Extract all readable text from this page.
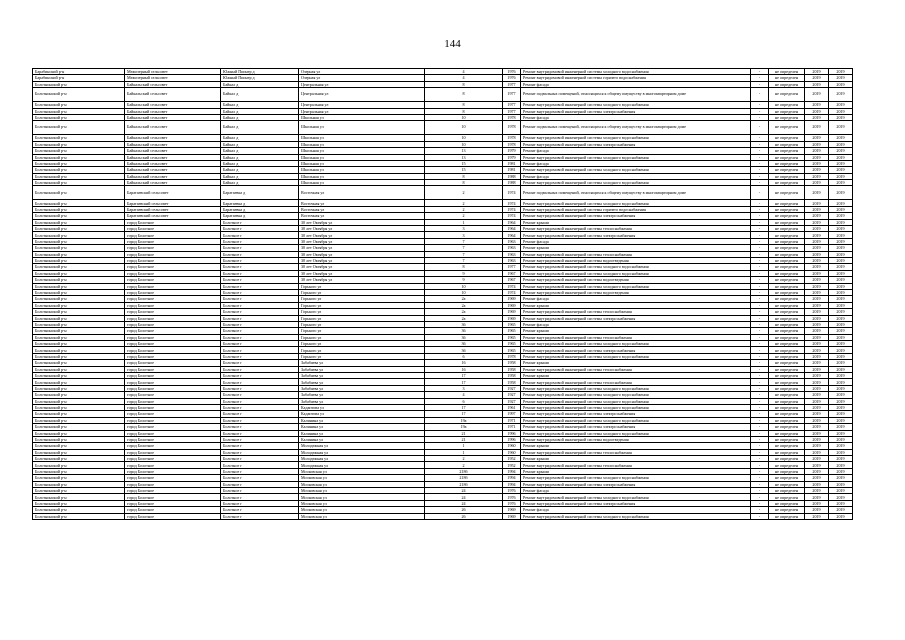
144
Барабинский р-н	Межозерный сельсовет	Южный Пионер д	Озерная ул	4	1976	Ремонт внутридомовой инженерной системы холодного водоснабжения	-	не определен	2019	2019
Барабинский р-н	Межозерный сельсовет	Южный Пионер д	Озерная ул	4	1976	Ремонт внутридомовой инженерной системы горячего водоснабжения	-	не определен	2019	2019
Болотнинский р-н	Байкальский сельсовет	Байкал д	Центральная ул	8	1977	Ремонт фасада	-	не определен	2019	2019
Болотнинский р-н	Байкальский сельсовет	Байкал д	Центральная ул	8	1977	Ремонт подвальных помещений, относящихся к общему имуществу в многоквартирном доме	-	не определен	2019	2019
Болотнинский р-н	Байкальский сельсовет	Байкал д	Центральная ул	8	1977	Ремонт внутридомовой инженерной системы холодного водоснабжения	-	не определен	2019	2019
Болотнинский р-н	Байкальский сельсовет	Байкал д	Центральная ул	8	1977	Ремонт внутридомовой инженерной системы электроснабжения	-	не определен	2019	2019
Болотнинский р-н	Байкальский сельсовет	Байкал д	Школьная ул	10	1978	Ремонт фасада	-	не определен	2019	2019
Болотнинский р-н	Байкальский сельсовет	Байкал д	Школьная ул	10	1978	Ремонт подвальных помещений, относящихся к общему имуществу в многоквартирном доме	-	не определен	2019	2019
Болотнинский р-н	Байкальский сельсовет	Байкал д	Школьная ул	10	1978	Ремонт внутридомовой инженерной системы холодного водоснабжения	-	не определен	2019	2019
Болотнинский р-н	Байкальский сельсовет	Байкал д	Школьная ул	10	1978	Ремонт внутридомовой инженерной системы электроснабжения	-	не определен	2019	2019
Болотнинский р-н	Байкальский сельсовет	Байкал д	Школьная ул	13	1979	Ремонт фасада	-	не определен	2019	2019
Болотнинский р-н	Байкальский сельсовет	Байкал д	Школьная ул	13	1979	Ремонт внутридомовой инженерной системы холодного водоснабжения	-	не определен	2019	2019
Болотнинский р-н	Байкальский сельсовет	Байкал д	Школьная ул	15	1981	Ремонт фасада	-	не определен	2019	2019
Болотнинский р-н	Байкальский сельсовет	Байкал д	Школьная ул	15	1981	Ремонт внутридомовой инженерной системы холодного водоснабжения	-	не определен	2019	2019
Болотнинский р-н	Байкальский сельсовет	Байкал д	Школьная ул	8	1988	Ремонт фасада	-	не определен	2019	2019
Болотнинский р-н	Байкальский сельсовет	Байкал д	Школьная ул	8	1988	Ремонт внутридомовой инженерной системы холодного водоснабжения	-	не определен	2019	2019
Болотнинский р-н	Баратаевский сельсовет	Баратаевка д	Восточная ул	2	1974	Ремонт подвальных помещений, относящихся к общему имуществу в многоквартирном доме	-	не определен	2019	2019
Болотнинский р-н	Баратаевский сельсовет	Баратаевка д	Восточная ул	2	1974	Ремонт внутридомовой инженерной системы холодного водоснабжения	-	не определен	2019	2019
Болотнинский р-н	Баратаевский сельсовет	Баратаевка д	Восточная ул	2	1974	Ремонт внутридомовой инженерной системы горячего водоснабжения	-	не определен	2019	2019
Болотнинский р-н	Баратаевский сельсовет	Баратаевка д	Восточная ул	2	1974	Ремонт внутридомовой инженерной системы электроснабжения	-	не определен	2019	2019
Болотнинский р-н	город Болотное	Болотное г	30 лет Октября ул	1	1964	Ремонт крыши	-	не определен	2019	2019
Болотнинский р-н	город Болотное	Болотное г	30 лет Октября ул	3	1964	Ремонт внутридомовой инженерной системы теплоснабжения	-	не определен	2019	2019
Болотнинский р-н	город Болотное	Болотное г	30 лет Октября ул	3	1964	Ремонт внутридомовой инженерной системы электроснабжения	-	не определен	2019	2019
Болотнинский р-н	город Болотное	Болотное г	30 лет Октября ул	7	1963	Ремонт фасада	-	не определен	2019	2019
Болотнинский р-н	город Болотное	Болотное г	30 лет Октября ул	7	1963	Ремонт крыши	-	не определен	2019	2019
Болотнинский р-н	город Болотное	Болотное г	30 лет Октября ул	7	1963	Ремонт внутридомовой инженерной системы теплоснабжения	-	не определен	2019	2019
Болотнинский р-н	город Болотное	Болотное г	30 лет Октября ул	7	1963	Ремонт внутридомовой инженерной системы водоотведения	-	не определен	2019	2019
Болотнинский р-н	город Болотное	Болотное г	30 лет Октября ул	8	1977	Ремонт внутридомовой инженерной системы холодного водоснабжения	-	не определен	2019	2019
Болотнинский р-н	город Болотное	Болотное г	30 лет Октября ул	9	1967	Ремонт внутридомовой инженерной системы холодного водоснабжения	-	не определен	2019	2019
Болотнинский р-н	город Болотное	Болотное г	30 лет Октября ул	9	1967	Ремонт внутридомовой инженерной системы водоотведения	-	не определен	2019	2019
Болотнинский р-н	город Болотное	Болотное г	Горького ул	10	1974	Ремонт внутридомовой инженерной системы холодного водоснабжения	-	не определен	2019	2019
Болотнинский р-н	город Болотное	Болотное г	Горького ул	10	1974	Ремонт внутридомовой инженерной системы водоотведения	-	не определен	2019	2019
Болотнинский р-н	город Болотное	Болотное г	Горького ул	2а	1969	Ремонт фасада	-	не определен	2019	2019
Болотнинский р-н	город Болотное	Болотное г	Горького ул	2а	1969	Ремонт крыши	-	не определен	2019	2019
Болотнинский р-н	город Болотное	Болотное г	Горького ул	2а	1969	Ремонт внутридомовой инженерной системы теплоснабжения	-	не определен	2019	2019
Болотнинский р-н	город Болотное	Болотное г	Горького ул	2а	1969	Ремонт внутридомовой инженерной системы электроснабжения	-	не определен	2019	2019
Болотнинский р-н	город Болотное	Болотное г	Горького ул	36	1965	Ремонт фасада	-	не определен	2019	2019
Болотнинский р-н	город Болотное	Болотное г	Горького ул	36	1965	Ремонт крыши	-	не определен	2019	2019
Болотнинский р-н	город Болотное	Болотное г	Горького ул	36	1965	Ремонт внутридомовой инженерной системы теплоснабжения	-	не определен	2019	2019
Болотнинский р-н	город Болотное	Болотное г	Горького ул	36	1965	Ремонт внутридомовой инженерной системы холодного водоснабжения	-	не определен	2019	2019
Болотнинский р-н	город Болотное	Болотное г	Горького ул	36	1965	Ремонт внутридомовой инженерной системы электроснабжения	-	не определен	2019	2019
Болотнинский р-н	город Болотное	Болотное г	Горького ул	6	1978	Ремонт внутридомовой инженерной системы холодного водоснабжения	-	не определен	2019	2019
Болотнинский р-н	город Болотное	Болотное г	Забабаева ул	16	1958	Ремонт крыши	-	не определен	2019	2019
Болотнинский р-н	город Болотное	Болотное г	Забабаева ул	16	1958	Ремонт внутридомовой инженерной системы теплоснабжения	-	не определен	2019	2019
Болотнинский р-н	город Болотное	Болотное г	Забабаева ул	17	1958	Ремонт крыши	-	не определен	2019	2019
Болотнинский р-н	город Болотное	Болотное г	Забабаева ул	17	1958	Ремонт внутридомовой инженерной системы теплоснабжения	-	не определен	2019	2019
Болотнинский р-н	город Болотное	Болотное г	Забабаева ул	3	1927	Ремонт внутридомовой инженерной системы холодного водоснабжения	-	не определен	2019	2019
Болотнинский р-н	город Болотное	Болотное г	Забабаева ул	4	1927	Ремонт внутридомовой инженерной системы холодного водоснабжения	-	не определен	2019	2019
Болотнинский р-н	город Болотное	Болотное г	Забабаева ул	6	1927	Ремонт внутридомовой инженерной системы холодного водоснабжения	-	не определен	2019	2019
Болотнинский р-н	город Болотное	Болотное г	Кадаптова ул	17	1961	Ремонт внутридомовой инженерной системы холодного водоснабжения	-	не определен	2019	2019
Болотнинский р-н	город Болотное	Болотное г	Кадаптова ул	17	1997	Ремонт внутридомовой инженерной системы электроснабжения	-	не определен	2019	2019
Болотнинский р-н	город Болотное	Болотное г	Калинина ул	19а	1971	Ремонт внутридомовой инженерной системы холодного водоснабжения	-	не определен	2019	2019
Болотнинский р-н	город Болотное	Болотное г	Калинина ул	19а	1971	Ремонт внутридомовой инженерной системы электроснабжения	-	не определен	2019	2019
Болотнинский р-н	город Болотное	Болотное г	Калинина ул	21	1996	Ремонт внутридомовой инженерной системы холодного водоснабжения	-	не определен	2019	2019
Болотнинский р-н	город Болотное	Болотное г	Калинина ул	21	1996	Ремонт внутридомовой инженерной системы водоотведения	-	не определен	2019	2019
Болотнинский р-н	город Болотное	Болотное г	Молодежная ул	1	1960	Ремонт крыши	-	не определен	2019	2019
Болотнинский р-н	город Болотное	Болотное г	Молодежная ул	1	1960	Ремонт внутридомовой инженерной системы теплоснабжения	-	не определен	2019	2019
Болотнинский р-н	город Болотное	Болотное г	Молодежная ул	2	1952	Ремонт крыши	-	не определен	2019	2019
Болотнинский р-н	город Болотное	Болотное г	Молодежная ул	2	1952	Ремонт внутридомовой инженерной системы теплоснабжения	-	не определен	2019	2019
Болотнинский р-н	город Болотное	Болотное г	Московская ул	218б	1994	Ремонт крыши	-	не определен	2019	2019
Болотнинский р-н	город Болотное	Болотное г	Московская ул	218б	1994	Ремонт внутридомовой инженерной системы холодного водоснабжения	-	не определен	2019	2019
Болотнинский р-н	город Болотное	Болотное г	Московская ул	218б	1994	Ремонт внутридомовой инженерной системы электроснабжения	-	не определен	2019	2019
Болотнинский р-н	город Болотное	Болотное г	Московская ул	24	1976	Ремонт фасада	-	не определен	2019	2019
Болотнинский р-н	город Болотное	Болотное г	Московская ул	24	1976	Ремонт внутридомовой инженерной системы холодного водоснабжения	-	не определен	2019	2019
Болотнинский р-н	город Болотное	Болотное г	Московская ул	24	1976	Ремонт внутридомовой инженерной системы электроснабжения	-	не определен	2019	2019
Болотнинский р-н	город Болотное	Болотное г	Московская ул	26	1969	Ремонт фасада	-	не определен	2019	2019
Болотнинский р-н	город Болотное	Болотное г	Московская ул	26	1969	Ремонт внутридомовой инженерной системы холодного водоснабжения	-	не определен	2019	2019
